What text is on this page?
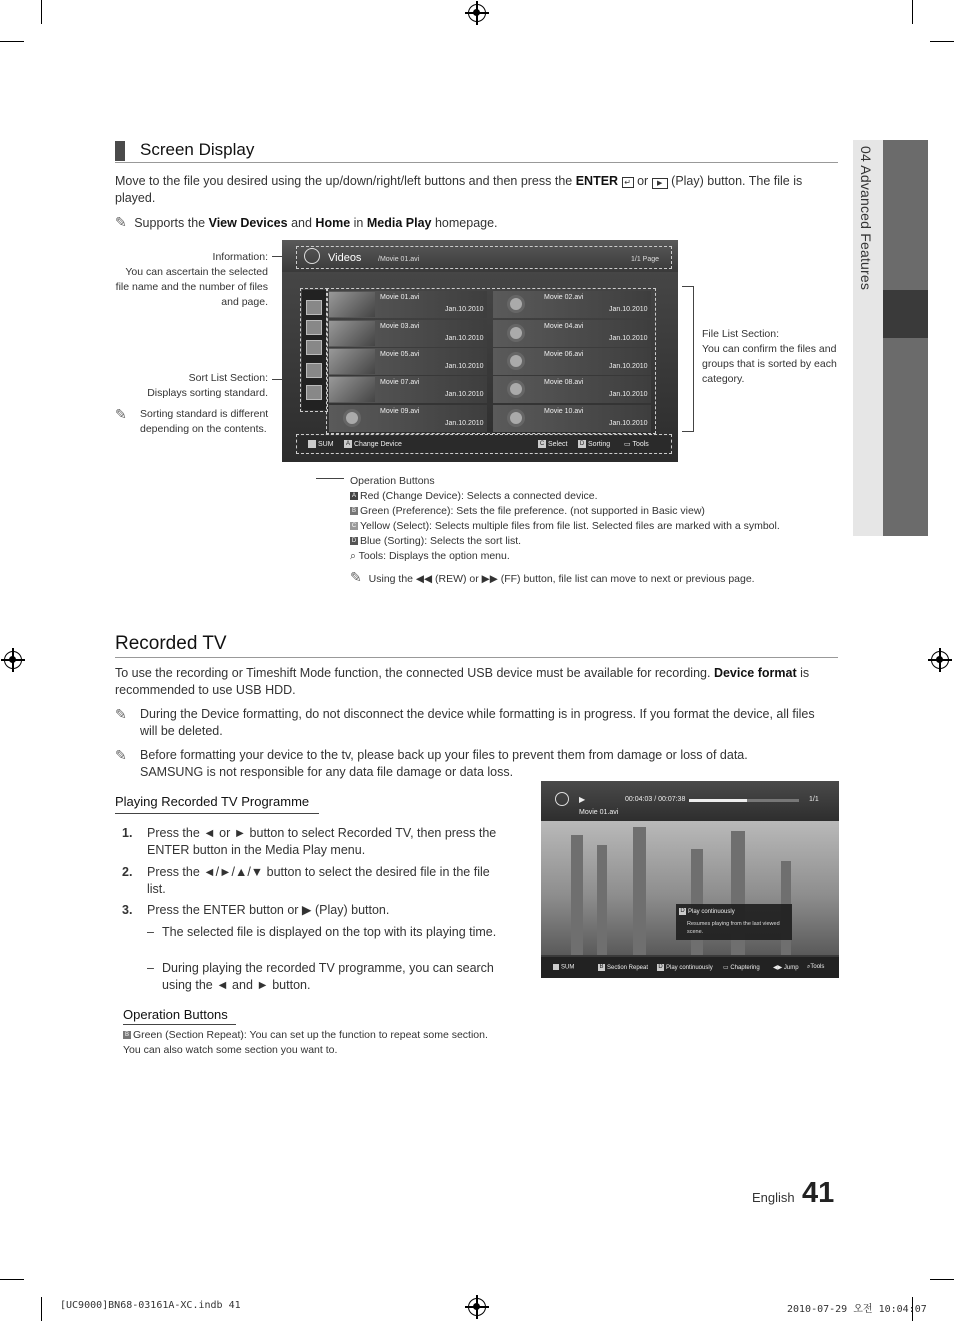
04 Advanced Features
Screen Display
Move to the file you desired using the up/down/right/left buttons and then press the ENTER ↵ or ▶ (Play) button. The file is played.
✎ Supports the View Devices and Home in Media Play homepage.
Information:
You can ascertain the selected file name and the number of files and page.
Sort List Section:
Displays sorting standard.
✎	Sorting standard is different depending on the contents.
File List Section:
You can confirm the files and groups that is sorted by each category.
Videos /Movie 01.avi	1/1 Page
Movie 01.avi
Jan.10.2010
Movie 02.avi
Jan.10.2010
Movie 03.avi
Jan.10.2010
Movie 04.avi
Jan.10.2010
Movie 05.avi
Jan.10.2010
Movie 06.avi
Jan.10.2010
Movie 07.avi
Jan.10.2010
Movie 08.avi
Jan.10.2010
Movie 09.avi
Jan.10.2010
Movie 10.avi
Jan.10.2010
SUM	A Change Device	C Select	D Sorting ▭ Tools
Operation Buttons
A Red (Change Device): Selects a connected device.
B Green (Preference): Sets the file preference. (not supported in Basic view)
C Yellow (Select): Selects multiple files from file list. Selected files are marked with a symbol.
D Blue (Sorting): Selects the sort list.
⌕ Tools: Displays the option menu.
✎ Using the ◀◀ (REW) or ▶▶ (FF) button, file list can move to next or previous page.
Recorded TV
To use the recording or Timeshift Mode function, the connected USB device must be available for recording. Device format is recommended to use USB HDD.
✎	During the Device formatting, do not disconnect the device while formatting is in progress. If you format the device, all files will be deleted.
✎	Before formatting your device to the tv, please back up your files to prevent them from damage or loss of data. SAMSUNG is not responsible for any data file damage or data loss.
Playing Recorded TV Programme
1.	Press the ◄ or ► button to select Recorded TV, then press the ENTER button in the Media Play menu.
2.	Press the ◄/►/▲/▼ button to select the desired file in the file list.
3.	Press the ENTER button or ▶ (Play) button.
– The selected file is displayed on the top with its playing time.
– During playing the recorded TV programme, you can search using the ◄ and ► button.
Operation Buttons
B Green (Section Repeat): You can set up the function to repeat some section. You can also watch some section you want to.
▶	00:04:03 / 00:07:38	1/1
Movie 01.avi
D Play continuously
Resumes playing from the last viewed scene.
SUM	B Section Repeat D Play continuously ▭ Chaptering ◀▶ Jump ⌕Tools
English 41
[UC9000]BN68-03161A-XC.indb 41	2010-07-29 오전 10:04:07
